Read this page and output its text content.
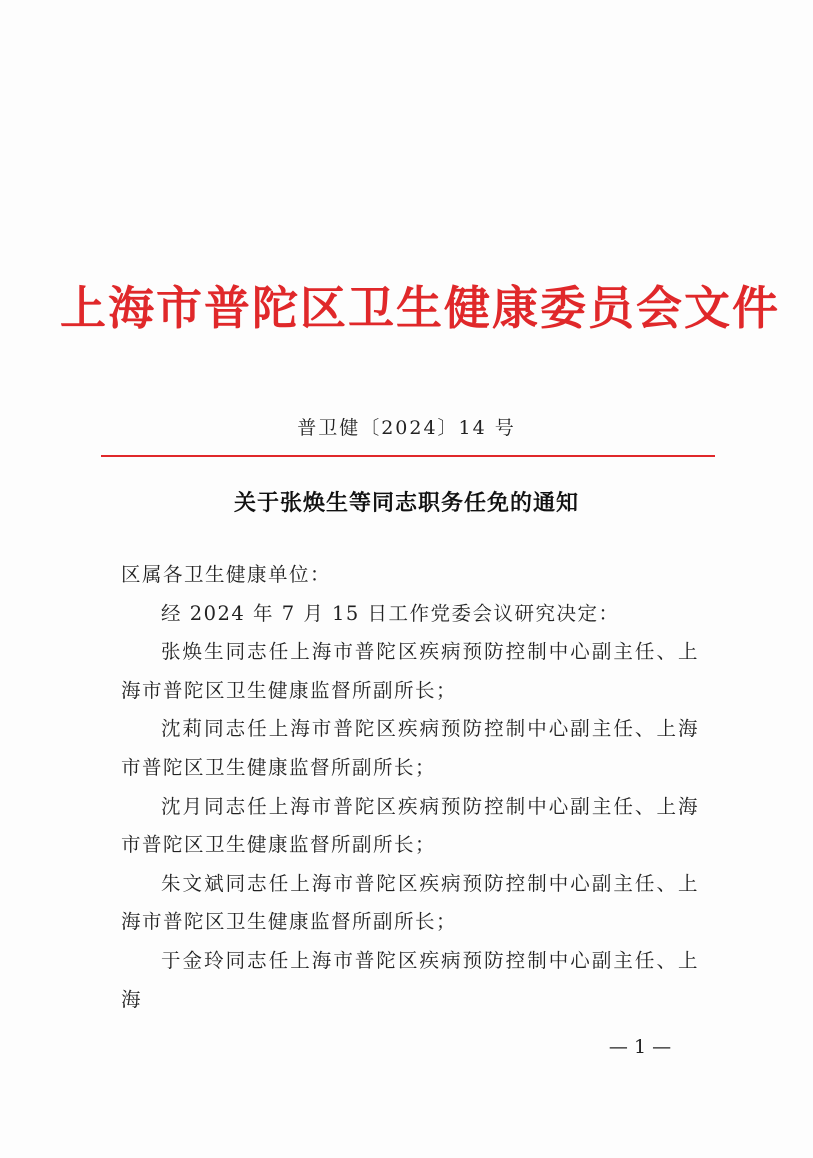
上海市普陀区卫生健康委员会文件
普卫健〔2024〕14 号
关于张焕生等同志职务任免的通知

区属各卫生健康单位：

经 2024 年 7 月 15 日工作党委会议研究决定：

张焕生同志任上海市普陀区疾病预防控制中心副主任、上海市普陀区卫生健康监督所副所长；

沈莉同志任上海市普陀区疾病预防控制中心副主任、上海市普陀区卫生健康监督所副所长；

沈月同志任上海市普陀区疾病预防控制中心副主任、上海市普陀区卫生健康监督所副所长；

朱文斌同志任上海市普陀区疾病预防控制中心副主任、上海市普陀区卫生健康监督所副所长；

于金玲同志任上海市普陀区疾病预防控制中心副主任、上海

— 1 —
